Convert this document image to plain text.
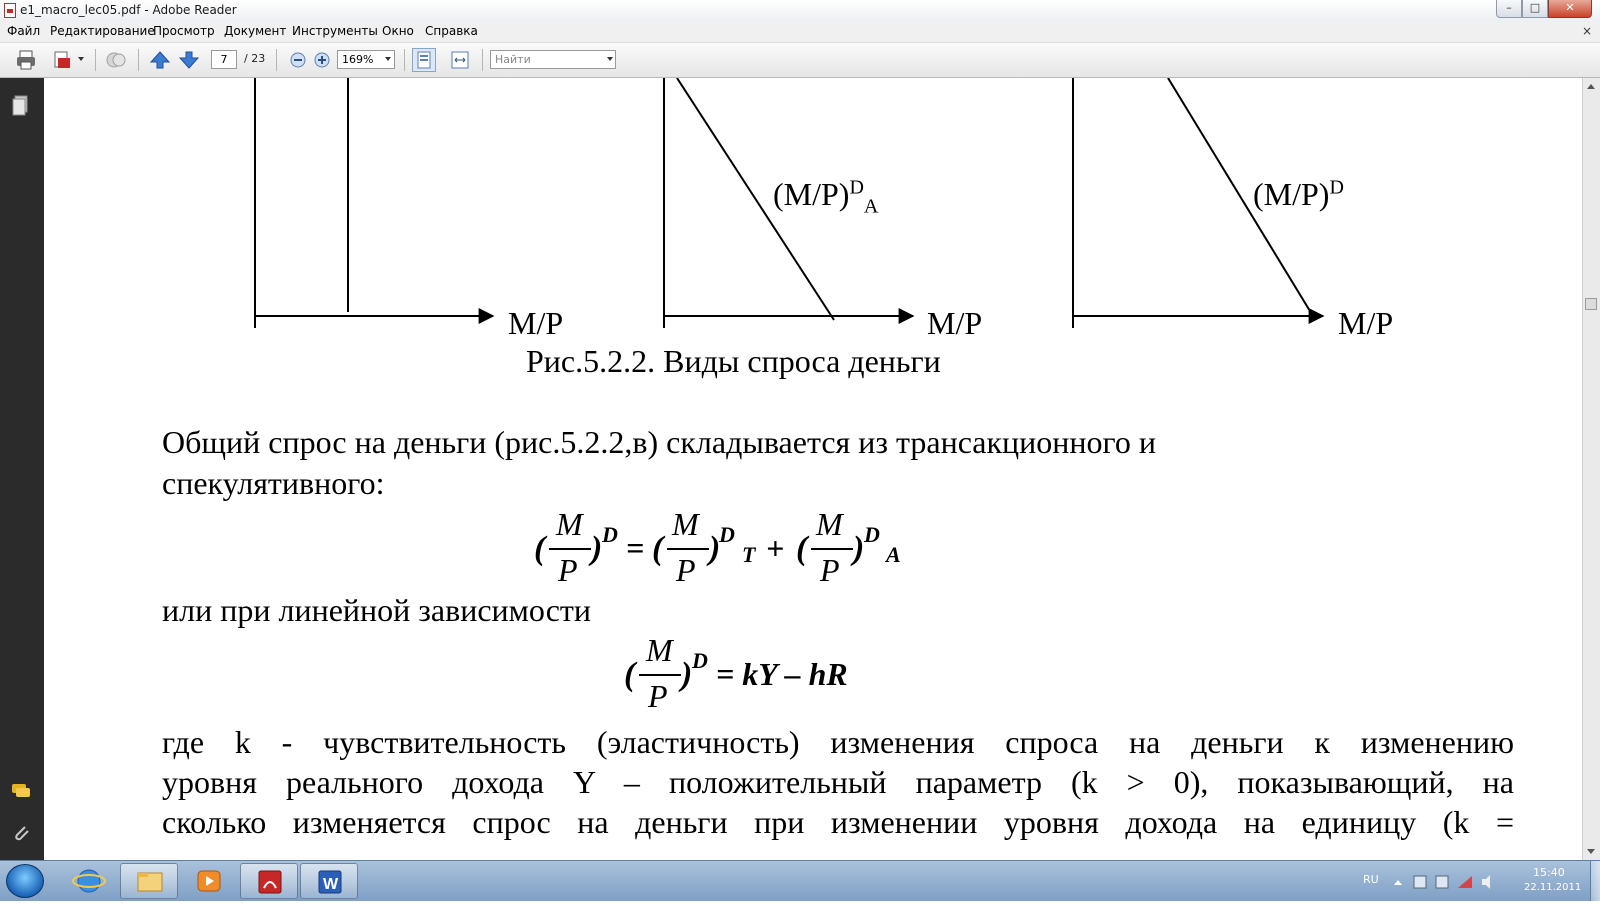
e1_macro_lec05.pdf - Adobe Reader	–	□	✕
Файл Редактирование
Просмотр Документ Инструменты Окно Справка	×
7	/ 23	169%	Найти
$(M/P)^D_A$	$(M/P)^D$
M/P	M/P	M/P
Рис.5.2.2. Виды спроса деньги
Общий спрос на деньги (рис.5.2.2,в) складывается из трансакционного и
спекулятивного:
(
M
P
) D = (
M
P
)
D
T + (
M
P
) D
A
или при линейной зависимости
(
M
P
) D = kY – hR
где k - чувствительность (эластичность) изменения спроса на деньги к изменению
уровня реального дохода Y – положительный параметр (k > 0), показывающий, на
сколько изменяется спрос на деньги при изменении уровня дохода на единицу (k =
W	RU
15:40
22.11.2011
